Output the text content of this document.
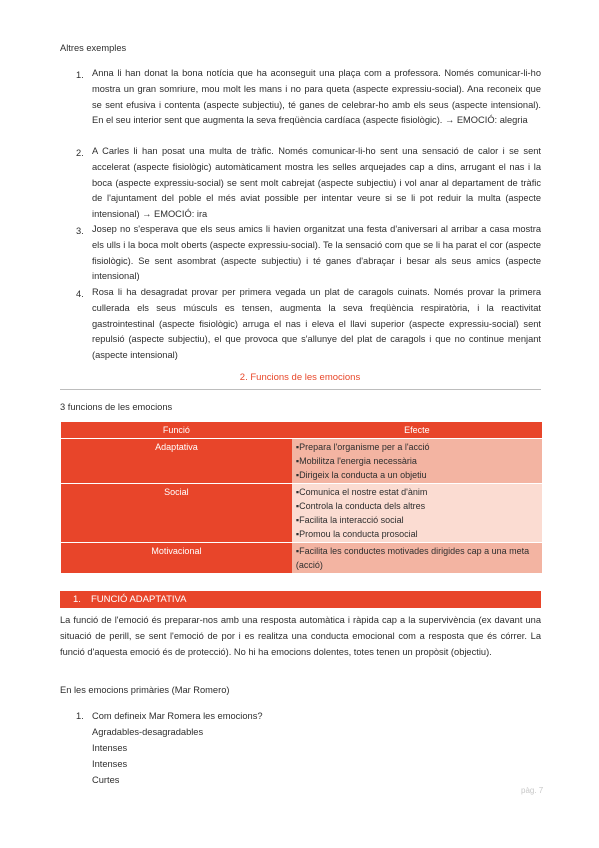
Altres exemples
1. Anna li han donat la bona notícia que ha aconseguit una plaça com a professora. Només comunicar-li-ho mostra un gran somriure, mou molt les mans i no para queta (aspecte expressiu-social). Ana reconeix que se sent efusiva i contenta (aspecte subjectiu), té ganes de celebrar-ho amb els seus (aspecte intensional). En el seu interior sent que augmenta la seva freqüència cardíaca (aspecte fisiològic). → EMOCIÓ: alegria
2. A Carles li han posat una multa de tràfic. Només comunicar-li-ho sent una sensació de calor i se sent accelerat (aspecte fisiològic) automàticament mostra les selles arquejades cap a dins, arrugant el nas i la boca (aspecte expressiu-social) se sent molt cabrejat (aspecte subjectiu) i vol anar al departament de tràfic de l'ajuntament del poble el més aviat possible per intentar veure si se li pot reduir la multa (aspecte intensional) → EMOCIÓ: ira
3. Josep no s'esperava que els seus amics li havien organitzat una festa d'aniversari al arribar a casa mostra els ulls i la boca molt oberts (aspecte expressiu-social). Te la sensació com que se li ha parat el cor (aspecte fisiològic). Se sent asombrat (aspecte subjectiu) i té ganes d'abraçar i besar als seus amics (aspecte intensional)
4. Rosa li ha desagradat provar per primera vegada un plat de caragols cuinats. Només provar la primera cullerada els seus músculs es tensen, augmenta la seva freqüència respiratòria, i la reactivitat gastrointestinal (aspecte fisiològic) arruga el nas i eleva el llavi superior (aspecte expressiu-social) sent repulsió (aspecte subjectiu), el que provoca que s'allunye del plat de caragols i que no continue menjant (aspecte intensional)
2. Funcions de les emocions
3 funcions de les emocions
Funció	Efecte
Adaptativa	▪Prepara l'organisme per a l'acció
▪Mobilitza l'energia necessària
▪Dirigeix la conducta a un objetiu

Social	▪Comunica el nostre estat d'ànim
▪Controla la conducta dels altres
▪Facilita la interacció social
▪Promou la conducta prosocial

Motivacional	▪Facilita les conductes motivades dirigides cap a una meta (acció)
1. FUNCIÓ ADAPTATIVA
La funció de l'emoció és preparar-nos amb una resposta automàtica i ràpida cap a la supervivència (ex davant una situació de perill, se sent l'emoció de por i es realitza una conducta emocional com a resposta que és córrer. La funció d'aquesta emoció és de protecció). No hi ha emocions dolentes, totes tenen un propòsit (objectiu).
En les emocions primàries (Mar Romero)
1. Com defineix Mar Romera les emocions?
Agradables-desagradables
Intenses
Intenses
Curtes
pàg. 7
